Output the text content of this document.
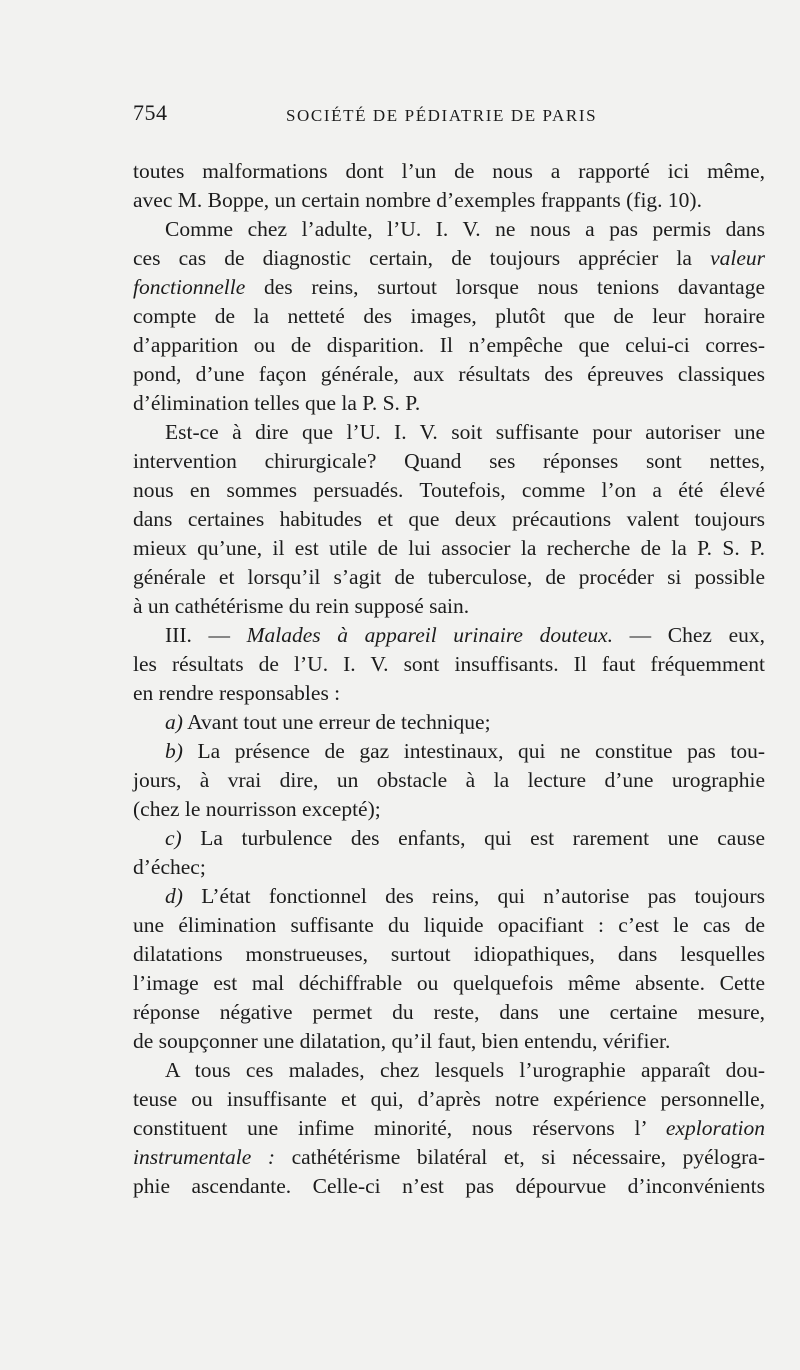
754	SOCIÉTÉ DE PÉDIATRIE DE PARIS
toutes malformations dont l’un de nous a rapporté ici même,
avec M. Boppe, un certain nombre d’exemples frappants (fig. 10).
Comme chez l’adulte, l’U. I. V. ne nous a pas permis dans
ces cas de diagnostic certain, de toujours apprécier la valeur
fonctionnelle des reins, surtout lorsque nous tenions davantage
compte de la netteté des images, plutôt que de leur horaire
d’apparition ou de disparition. Il n’empêche que celui-ci corres-
pond, d’une façon générale, aux résultats des épreuves classiques
d’élimination telles que la P. S. P.
Est-ce à dire que l’U. I. V. soit suffisante pour autoriser une
intervention chirurgicale? Quand ses réponses sont nettes,
nous en sommes persuadés. Toutefois, comme l’on a été élevé
dans certaines habitudes et que deux précautions valent toujours
mieux qu’une, il est utile de lui associer la recherche de la P. S. P.
générale et lorsqu’il s’agit de tuberculose, de procéder si possible
à un cathétérisme du rein supposé sain.
III. — Malades à appareil urinaire douteux. — Chez eux,
les résultats de l’U. I. V. sont insuffisants. Il faut fréquemment
en rendre responsables :
a) Avant tout une erreur de technique;
b) La présence de gaz intestinaux, qui ne constitue pas tou-
jours, à vrai dire, un obstacle à la lecture d’une urographie
(chez le nourrisson excepté);
c) La turbulence des enfants, qui est rarement une cause
d’échec;
d) L’état fonctionnel des reins, qui n’autorise pas toujours
une élimination suffisante du liquide opacifiant : c’est le cas de
dilatations monstrueuses, surtout idiopathiques, dans lesquelles
l’image est mal déchiffrable ou quelquefois même absente. Cette
réponse négative permet du reste, dans une certaine mesure,
de soupçonner une dilatation, qu’il faut, bien entendu, vérifier.
A tous ces malades, chez lesquels l’urographie apparaît dou-
teuse ou insuffisante et qui, d’après notre expérience personnelle,
constituent une infime minorité, nous réservons l’ exploration
instrumentale : cathétérisme bilatéral et, si nécessaire, pyélogra-
phie ascendante. Celle-ci n’est pas dépourvue d’inconvénients
